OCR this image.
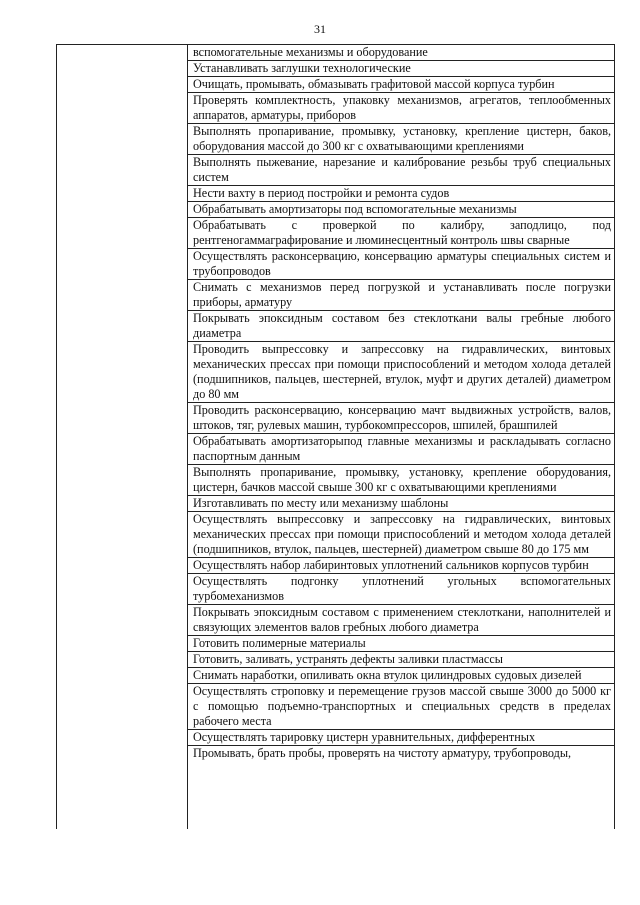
31
вспомогательные механизмы и оборудование
Устанавливать заглушки технологические
Очищать, промывать, обмазывать графитовой массой корпуса турбин
Проверять комплектность, упаковку механизмов, агрегатов, теплообменных аппаратов, арматуры, приборов
Выполнять пропаривание, промывку, установку, крепление цистерн, баков, оборудования массой до 300 кг с охватывающими креплениями
Выполнять пыжевание, нарезание и калибрование резьбы труб специальных систем
Нести вахту в период постройки и ремонта судов
Обрабатывать амортизаторы под вспомогательные механизмы
Обрабатывать с проверкой по калибру, заподлицо, под рентгеногаммаграфирование и люминесцентный контроль швы сварные
Осуществлять расконсервацию, консервацию арматуры специальных систем и трубопроводов
Снимать с механизмов перед погрузкой и устанавливать после погрузки приборы, арматуру
Покрывать эпоксидным составом без стеклоткани валы гребные любого диаметра
Проводить выпрессовку и запрессовку на гидравлических, винтовых механических прессах при помощи приспособлений и методом холода деталей (подшипников, пальцев, шестерней, втулок, муфт и других деталей) диаметром до 80 мм
Проводить расконсервацию, консервацию мачт выдвижных устройств, валов, штоков, тяг, рулевых машин, турбокомпрессоров, шпилей, брашпилей
Обрабатывать амортизаторыпод главные механизмы и раскладывать согласно паспортным данным
Выполнять пропаривание, промывку, установку, крепление оборудования, цистерн, бачков массой свыше 300 кг с охватывающими креплениями
Изготавливать по месту или механизму шаблоны
Осуществлять выпрессовку и запрессовку на гидравлических, винтовых механических прессах при помощи приспособлений и методом холода деталей (подшипников, втулок, пальцев, шестерней) диаметром свыше 80 до 175 мм
Осуществлять набор лабиринтовых уплотнений сальников корпусов турбин
Осуществлять подгонку уплотнений угольных вспомогательных турбомеханизмов
Покрывать эпоксидным составом с применением стеклоткани, наполнителей и связующих элементов валов гребных любого диаметра
Готовить полимерные материалы
Готовить, заливать, устранять дефекты заливки пластмассы
Снимать наработки, опиливать окна втулок цилиндровых судовых дизелей
Осуществлять строповку и перемещение грузов массой свыше 3000 до 5000 кг с помощью подъемно-транспортных и специальных средств в пределах рабочего места
Осуществлять тарировку цистерн уравнительных, дифферентных
Промывать, брать пробы, проверять на чистоту арматуру, трубопроводы,
